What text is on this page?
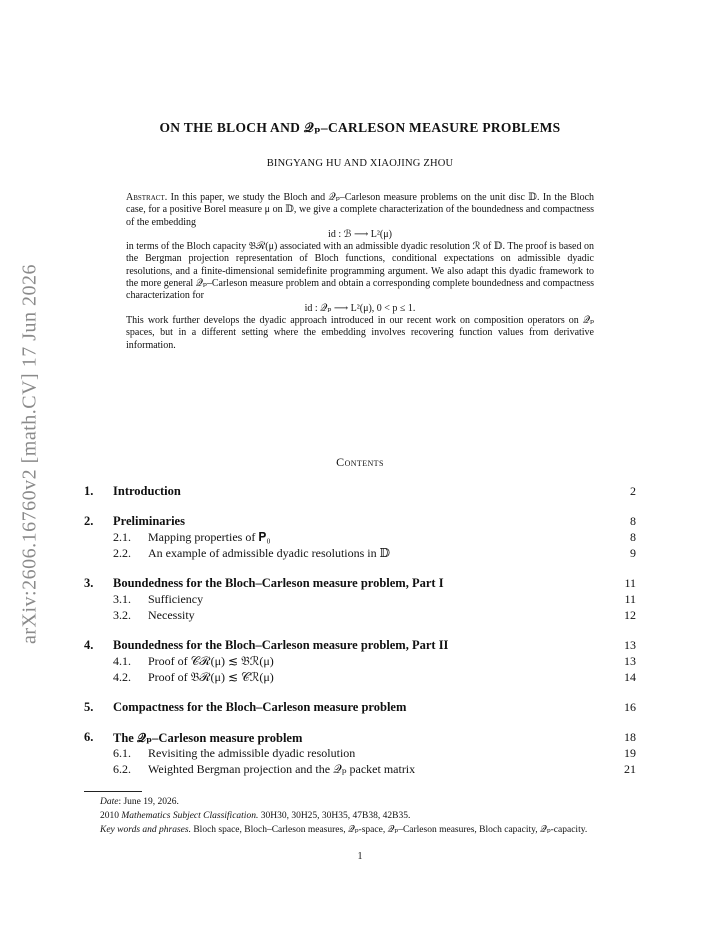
arXiv:2606.16760v2 [math.CV] 17 Jun 2026
ON THE BLOCH AND 𝒬ₚ–CARLESON MEASURE PROBLEMS
BINGYANG HU AND XIAOJING ZHOU

Abstract. In this paper, we study the Bloch and 𝒬ₚ–Carleson measure problems on the unit disc 𝔻. In the Bloch case, for a positive Borel measure μ on 𝔻, we give a complete characterization of the boundedness and compactness of the embedding

id : ℬ ⟶ L²(μ)

in terms of the Bloch capacity 𝔅ℛ(μ) associated with an admissible dyadic resolution ℛ of 𝔻. The proof is based on the Bergman projection representation of Bloch functions, conditional expectations on admissible dyadic resolutions, and a finite-dimensional semidefinite programming argument. We also adapt this dyadic framework to the more general 𝒬ₚ–Carleson measure problem and obtain a corresponding complete boundedness and compactness characterization for

id : 𝒬ₚ ⟶ L²(μ), 0 < p ≤ 1.

This work further develops the dyadic approach introduced in our recent work on composition operators on 𝒬ₚ spaces, but in a different setting where the embedding involves recovering function values from derivative information.

Contents
1. Introduction	2
2. Preliminaries	8
2.1. Mapping properties of 𝐏₀	8
2.2. An example of admissible dyadic resolutions in 𝔻	9
3. Boundedness for the Bloch–Carleson measure problem, Part I	11
3.1. Sufficiency	11
3.2. Necessity	12
4. Boundedness for the Bloch–Carleson measure problem, Part II	13
4.1. Proof of 𝒞ℛ(μ) ≲ 𝔅ℛ(μ)	13
4.2. Proof of 𝔅ℛ(μ) ≲ 𝒞ℛ(μ)	14
5. Compactness for the Bloch–Carleson measure problem	16
6. The 𝒬ₚ–Carleson measure problem	18
6.1. Revisiting the admissible dyadic resolution	19
6.2. Weighted Bergman projection and the 𝒬ₚ packet matrix	21

Date: June 19, 2026.

2010 Mathematics Subject Classification. 30H30, 30H25, 30H35, 47B38, 42B35.

Key words and phrases. Bloch space, Bloch–Carleson measures, 𝒬ₚ-space, 𝒬ₚ–Carleson measures, Bloch capacity, 𝒬ₚ-capacity.

1
